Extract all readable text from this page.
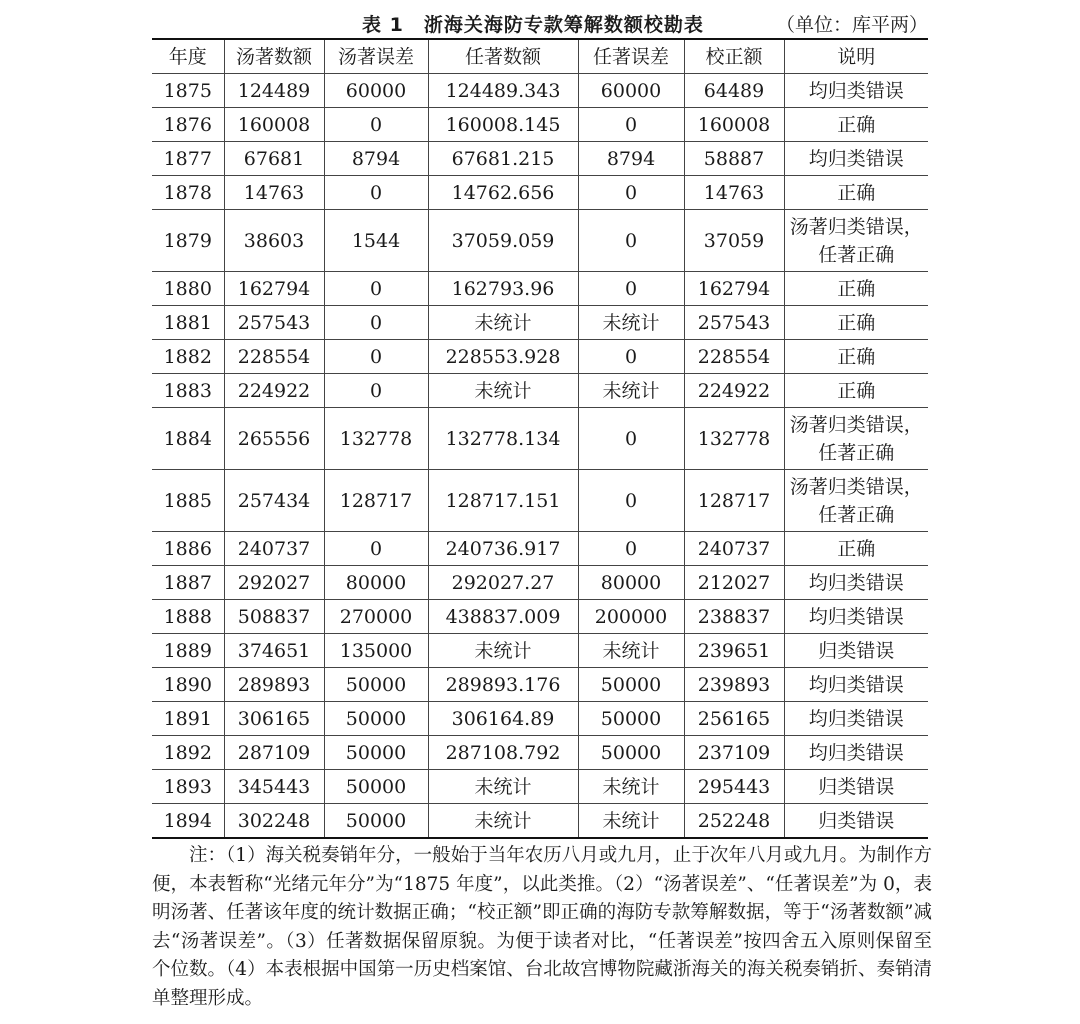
表 1　浙海关海防专款筹解数额校勘表	（单位：库平两）
年度	汤著数额	汤著误差	任著数额	任著误差	校正额	说明
1875	124489	60000	124489.343	60000	64489	均归类错误
1876	160008	0	160008.145	0	160008	正确
1877	67681	8794	67681.215	8794	58887	均归类错误
1878	14763	0	14762.656	0	14763	正确
1879	38603	1544	37059.059	0	37059	汤著归类错误，任著正确
1880	162794	0	162793.96	0	162794	正确
1881	257543	0	未统计	未统计	257543	正确
1882	228554	0	228553.928	0	228554	正确
1883	224922	0	未统计	未统计	224922	正确
1884	265556	132778	132778.134	0	132778	汤著归类错误，任著正确
1885	257434	128717	128717.151	0	128717	汤著归类错误，任著正确
1886	240737	0	240736.917	0	240737	正确
1887	292027	80000	292027.27	80000	212027	均归类错误
1888	508837	270000	438837.009	200000	238837	均归类错误
1889	374651	135000	未统计	未统计	239651	归类错误
1890	289893	50000	289893.176	50000	239893	均归类错误
1891	306165	50000	306164.89	50000	256165	均归类错误
1892	287109	50000	287108.792	50000	237109	均归类错误
1893	345443	50000	未统计	未统计	295443	归类错误
1894	302248	50000	未统计	未统计	252248	归类错误
注：（1）海关税奏销年分，一般始于当年农历八月或九月，止于次年八月或九月。为制作方便，本表暂称“光绪元年分”为“1875 年度”，以此类推。（2）“汤著误差”、“任著误差”为 0，表明汤著、任著该年度的统计数据正确；“校正额”即正确的海防专款筹解数据，等于“汤著数额”减去“汤著误差”。（3）任著数据保留原貌。为便于读者对比，“任著误差”按四舍五入原则保留至个位数。（4）本表根据中国第一历史档案馆、台北故宫博物院藏浙海关的海关税奏销折、奏销清单整理形成。
